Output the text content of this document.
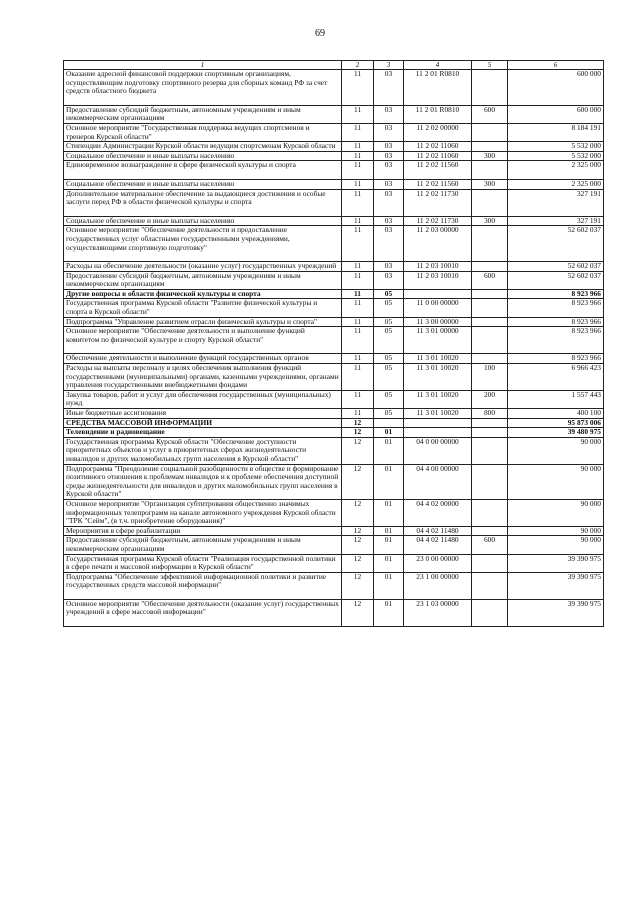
69
1	2	3	4	5	6
Оказание адресной финансовой поддержки спортивным организациям, осуществляющим подготовку спортивного резерва для сборных команд РФ за счет средств областного бюджета	11	03	11 2 01 R0810		600 000
Предоставление субсидий бюджетным, автономным учреждениям и иным некоммерческим организациям	11	03	11 2 01 R0810	600	600 000
Основное мероприятие "Государственная поддержка ведущих спортсменов и тренеров Курской области"	11	03	11 2 02 00000		8 184 191
Стипендии Администрации Курской области ведущим спортсменам Курской области	11	03	11 2 02 11060		5 532 000
Социальное обеспечение и иные выплаты населению	11	03	11 2 02 11060	300	5 532 000
Единовременное вознаграждение в сфере физической культуры и спорта	11	03	11 2 02 11560		2 325 000
Социальное обеспечение и иные выплаты населению	11	03	11 2 02 11560	300	2 325 000
Дополнительное материальное обеспечение за выдающиеся достижения и особые заслуги перед РФ в области физической культуры и спорта	11	03	11 2 02 11730		327 191
Социальное обеспечение и иные выплаты населению	11	03	11 2 02 11730	300	327 191
Основное мероприятие "Обеспечение деятельности и предоставление государственных услуг областными государственными учреждениями, осуществляющими спортивную подготовку"	11	03	11 2 03 00000		52 602 037
Расходы на обеспечение деятельности (оказание услуг) государственных учреждений	11	03	11 2 03 10010		52 602 037
Предоставление субсидий бюджетным, автономным учреждениям и иным некоммерческим организациям	11	03	11 2 03 10010	600	52 602 037
Другие вопросы в области физической культуры и спорта	11	05			8 923 966
Государственная программа Курской области "Развитие физической культуры и спорта в Курской области"	11	05	11 0 00 00000		8 923 966
Подпрограмма "Управление развитием отрасли физической культуры и спорта"	11	05	11 3 00 00000		8 923 966
Основное мероприятие "Обеспечение деятельности и выполнение функций комитетом по физической культуре и спорту Курской области"	11	05	11 3 01 00000		8 923 966
Обеспечение деятельности и выполнение функций государственных органов	11	05	11 3 01 10020		8 923 966
Расходы на выплаты персоналу в целях обеспечения выполнения функций государственными (муниципальными) органами, казенными учреждениями, органами управления государственными внебюджетными фондами	11	05	11 3 01 10020	100	6 966 423
Закупка товаров, работ и услуг для обеспечения государственных (муниципальных) нужд	11	05	11 3 01 10020	200	1 557 443
Иные бюджетные ассигнования	11	05	11 3 01 10020	800	400 100
СРЕДСТВА МАССОВОЙ ИНФОРМАЦИИ	12				95 873 006
Телевидение и радиовещание	12	01			39 480 975
Государственная программа Курской области "Обеспечение доступности приоритетных объектов и услуг в приоритетных сферах жизнедеятельности инвалидов и других маломобильных групп населения в Курской области"	12	01	04 0 00 00000		90 000
Подпрограмма "Преодоление социальной разобщенности в обществе и формирование позитивного отношения к проблемам инвалидов и к проблеме обеспечения доступной среды жизнедеятельности для инвалидов и других маломобильных групп населения в Курской области"	12	01	04 4 00 00000		90 000
Основное мероприятие "Организация субтитрования общественно значимых информационных телепрограмм на канале автономного учреждения Курской области "ТРК "Сейм", (в т.ч. приобретение оборудования)"	12	01	04 4 02 00000		90 000
Мероприятия в сфере реабилитации	12	01	04 4 02 11480		90 000
Предоставление субсидий бюджетным, автономным учреждениям и иным некоммерческим организациям	12	01	04 4 02 11480	600	90 000
Государственная программа Курской области "Реализация государственной политики в сфере печати и массовой информации в Курской области"	12	01	23 0 00 00000		39 390 975
Подпрограмма "Обеспечение эффективной информационной политики и развитие государственных средств массовой информации"	12	01	23 1 00 00000		39 390 975
Основное мероприятие "Обеспечение деятельности (оказание услуг) государственных учреждений в сфере массовой информации"	12	01	23 1 03 00000		39 390 975
